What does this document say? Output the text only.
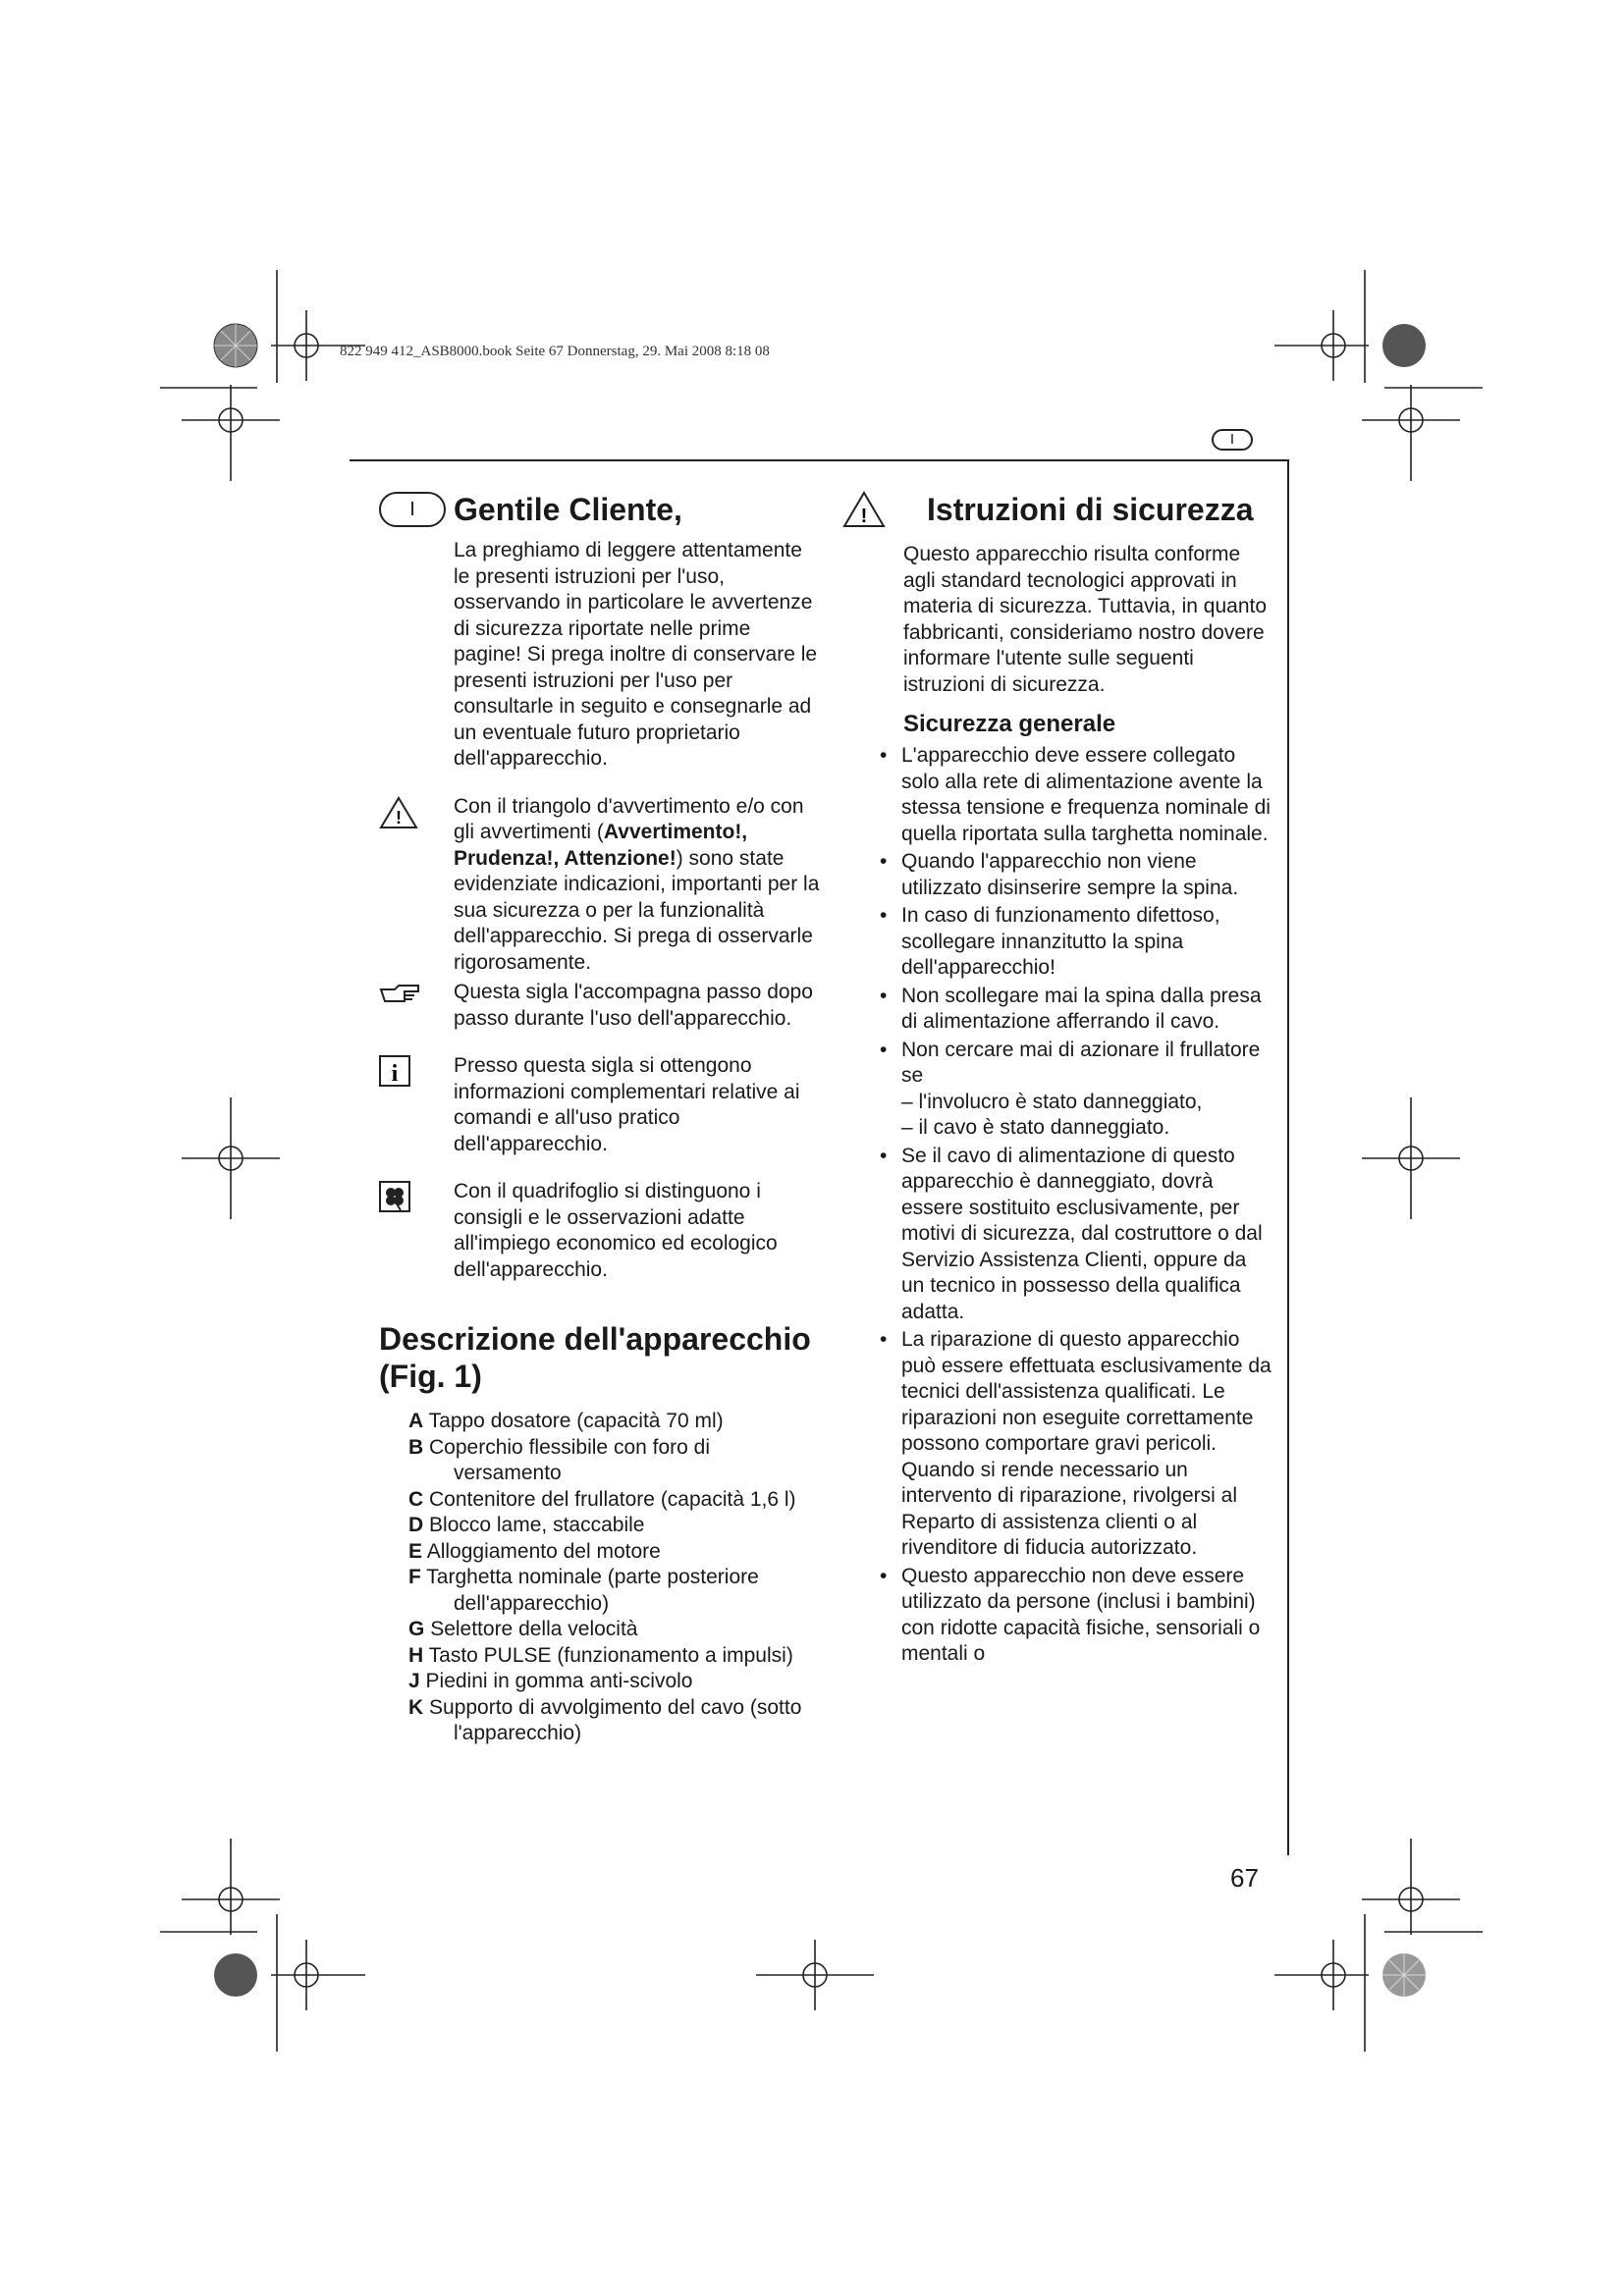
822 949 412_ASB8000.book Seite 67 Donnerstag, 29. Mai 2008 8:18 08
I
I	Gentile Cliente,

La preghiamo di leggere attentamente le presenti istruzioni per l'uso, osservando in particolare le avvertenze di sicurezza riportate nelle prime pagine! Si prega inoltre di conservare le presenti istruzioni per l'uso per consultarle in seguito e consegnarle ad un eventuale futuro proprietario dell'apparecchio.

!	Con il triangolo d'avvertimento e/o con gli avvertimenti (Avvertimento!, Prudenza!, Attenzione!) sono state evidenziate indicazioni, importanti per la sua sicurezza o per la funzionalità dell'apparecchio. Si prega di osservarle rigorosamente.

Questa sigla l'accompagna passo dopo passo durante l'uso dell'apparecchio.

i	Presso questa sigla si ottengono informazioni complementari relative ai comandi e all'uso pratico dell'apparecchio.

Con il quadrifoglio si distinguono i consigli e le osservazioni adatte all'impiego economico ed ecologico dell'apparecchio.

Descrizione dell'apparecchio
(Fig. 1)
A Tappo dosatore (capacità 70 ml)
B Coperchio flessibile con foro di versamento
C Contenitore del frullatore (capacità 1,6 l)
D Blocco lame, staccabile
E Alloggiamento del motore
F Targhetta nominale (parte posteriore dell'apparecchio)
G Selettore della velocità
H Tasto PULSE (funzionamento a impulsi)
J Piedini in gomma anti-scivolo
K Supporto di avvolgimento del cavo (sotto l'apparecchio)
! Istruzioni di sicurezza

Questo apparecchio risulta conforme agli standard tecnologici approvati in materia di sicurezza. Tuttavia, in quanto fabbricanti, consideriamo nostro dovere informare l'utente sulle seguenti istruzioni di sicurezza.

Sicurezza generale
• L'apparecchio deve essere collegato solo alla rete di alimentazione avente la stessa tensione e frequenza nominale di quella riportata sulla targhetta nominale.
• Quando l'apparecchio non viene utilizzato disinserire sempre la spina.
• In caso di funzionamento difettoso, scollegare innanzitutto la spina dell'apparecchio!
• Non scollegare mai la spina dalla presa di alimentazione afferrando il cavo.
• Non cercare mai di azionare il frullatore se
– l'involucro è stato danneggiato,
– il cavo è stato danneggiato.
• Se il cavo di alimentazione di questo apparecchio è danneggiato, dovrà essere sostituito esclusivamente, per motivi di sicurezza, dal costruttore o dal Servizio Assistenza Clienti, oppure da un tecnico in possesso della qualifica adatta.
• La riparazione di questo apparecchio può essere effettuata esclusivamente da tecnici dell'assistenza qualificati. Le riparazioni non eseguite correttamente possono comportare gravi pericoli. Quando si rende necessario un intervento di riparazione, rivolgersi al Reparto di assistenza clienti o al rivenditore di fiducia autorizzato.
• Questo apparecchio non deve essere utilizzato da persone (inclusi i bambini) con ridotte capacità fisiche, sensoriali o mentali o
67
